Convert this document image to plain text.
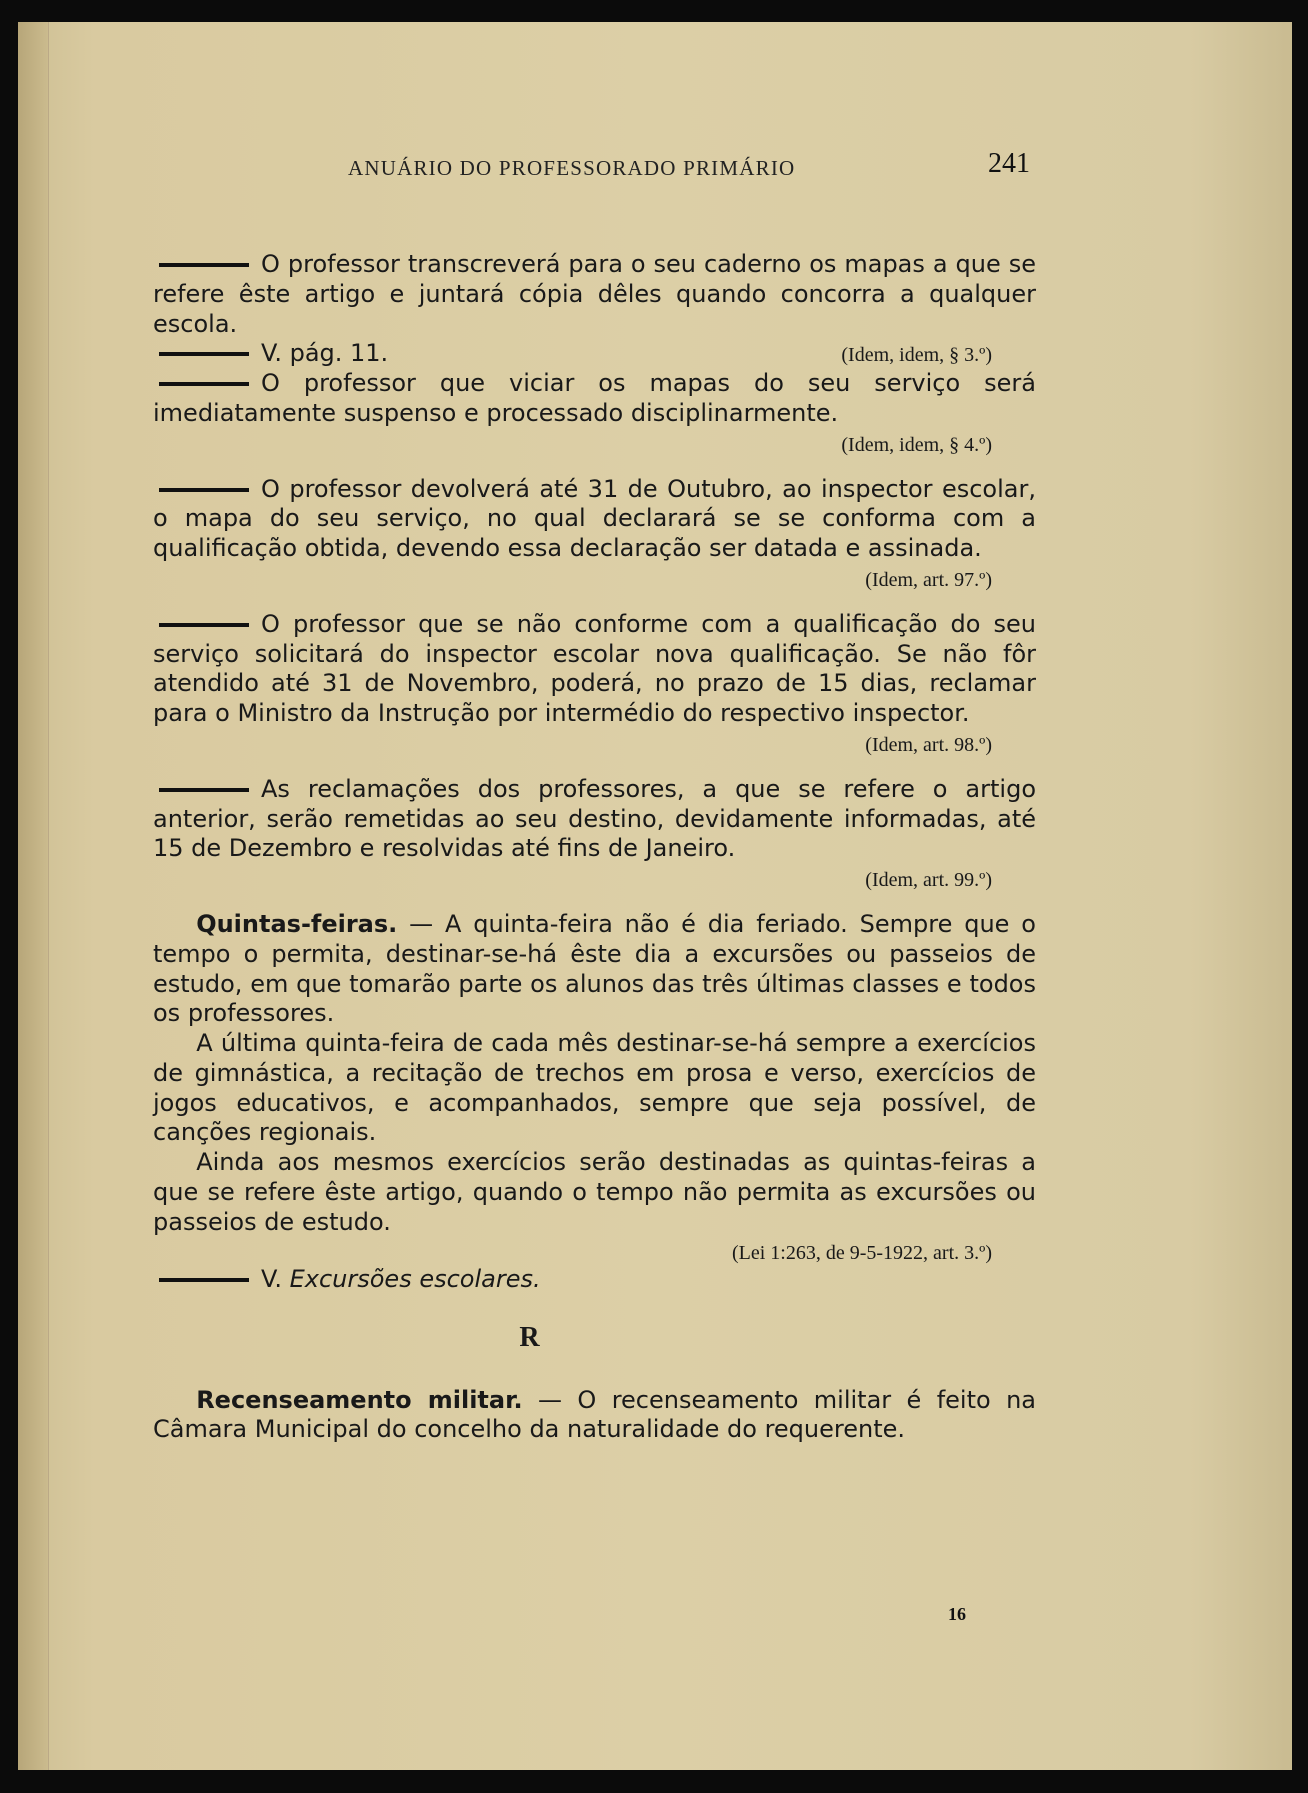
ANUÁRIO DO PROFESSORADO PRIMÁRIO	241

O professor transcreverá para o seu caderno os mapas a que se refere êste artigo e juntará cópia dêles quando concorra a qualquer escola.

V. pág. 11.	(Idem, idem, § 3.º)

O professor que viciar os mapas do seu serviço será imediatamente suspenso e processado disciplinarmente.

(Idem, idem, § 4.º)

O professor devolverá até 31 de Outubro, ao inspector escolar, o mapa do seu serviço, no qual declarará se se conforma com a qualificação obtida, devendo essa declaração ser datada e assinada.

(Idem, art. 97.º)

O professor que se não conforme com a qualificação do seu serviço solicitará do inspector escolar nova qualificação. Se não fôr atendido até 31 de Novembro, poderá, no prazo de 15 dias, reclamar para o Ministro da Instrução por intermédio do respectivo inspector.

(Idem, art. 98.º)

As reclamações dos professores, a que se refere o artigo anterior, serão remetidas ao seu destino, devidamente informadas, até 15 de Dezembro e resolvidas até fins de Janeiro.

(Idem, art. 99.º)

Quintas-feiras. — A quinta-feira não é dia feriado. Sempre que o tempo o permita, destinar-se-há êste dia a excursões ou passeios de estudo, em que tomarão parte os alunos das três últimas classes e todos os professores.

A última quinta-feira de cada mês destinar-se-há sempre a exercícios de gimnástica, a recitação de trechos em prosa e verso, exercícios de jogos educativos, e acompanhados, sempre que seja possível, de canções regionais.

Ainda aos mesmos exercícios serão destinadas as quintas-feiras a que se refere êste artigo, quando o tempo não permita as excursões ou passeios de estudo.

(Lei 1:263, de 9-5-1922, art. 3.º)

V. Excursões escolares.

R

Recenseamento militar. — O recenseamento militar é feito na Câmara Municipal do concelho da naturalidade do requerente.

16
